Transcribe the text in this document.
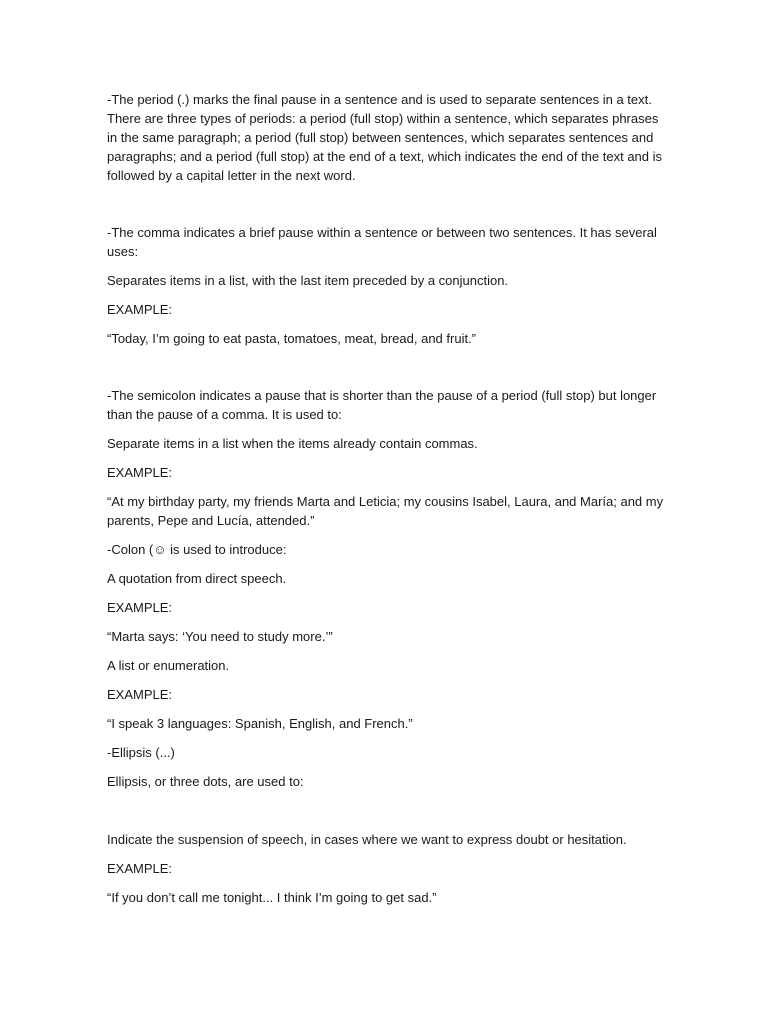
-The period (.) marks the final pause in a sentence and is used to separate sentences in a text. There are three types of periods: a period (full stop) within a sentence, which separates phrases in the same paragraph; a period (full stop) between sentences, which separates sentences and paragraphs; and a period (full stop) at the end of a text, which indicates the end of the text and is followed by a capital letter in the next word.

-The comma indicates a brief pause within a sentence or between two sentences. It has several uses:

Separates items in a list, with the last item preceded by a conjunction.

EXAMPLE:

“Today, I’m going to eat pasta, tomatoes, meat, bread, and fruit.”

-The semicolon indicates a pause that is shorter than the pause of a period (full stop) but longer than the pause of a comma. It is used to:

Separate items in a list when the items already contain commas.

EXAMPLE:

“At my birthday party, my friends Marta and Leticia; my cousins Isabel, Laura, and María; and my parents, Pepe and Lucía, attended.”

-Colon (☺ is used to introduce:

A quotation from direct speech.

EXAMPLE:

“Marta says: ‘You need to study more.’”

A list or enumeration.

EXAMPLE:

“I speak 3 languages: Spanish, English, and French.”

-Ellipsis (...)

Ellipsis, or three dots, are used to:

Indicate the suspension of speech, in cases where we want to express doubt or hesitation.

EXAMPLE:

“If you don’t call me tonight... I think I’m going to get sad.”
